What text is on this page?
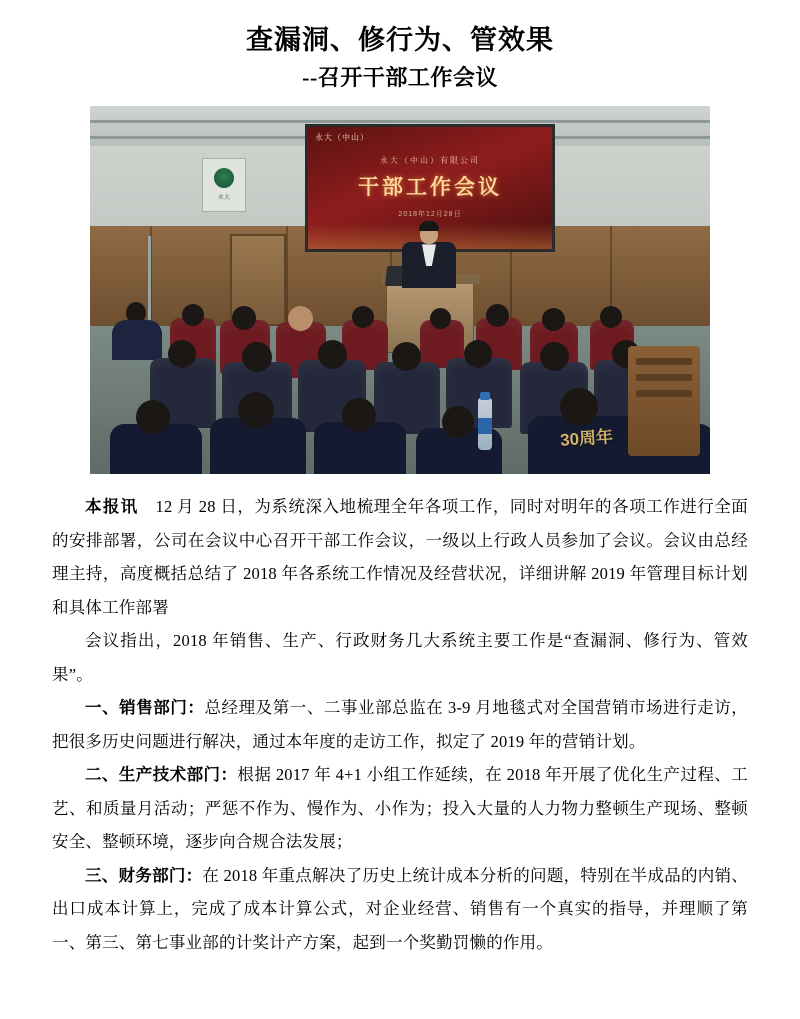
查漏洞、修行为、管效果
--召开干部工作会议
永大
永大（中山）
永大（中山）有限公司
干部工作会议
2018年12月28日
30周年

本报讯　12 月 28 日，为系统深入地梳理全年各项工作，同时对明年的各项工作进行全面的安排部署，公司在会议中心召开干部工作会议，一级以上行政人员参加了会议。会议由总经理主持，高度概括总结了 2018 年各系统工作情况及经营状况，详细讲解 2019 年管理目标计划和具体工作部署

会议指出，2018 年销售、生产、行政财务几大系统主要工作是“查漏洞、修行为、管效果”。

一、销售部门：总经理及第一、二事业部总监在 3-9 月地毯式对全国营销市场进行走访，把很多历史问题进行解决，通过本年度的走访工作，拟定了 2019 年的营销计划。

二、生产技术部门：根据 2017 年 4+1 小组工作延续，在 2018 年开展了优化生产过程、工艺、和质量月活动；严惩不作为、慢作为、小作为；投入大量的人力物力整顿生产现场、整顿安全、整顿环境，逐步向合规合法发展；

三、财务部门：在 2018 年重点解决了历史上统计成本分析的问题，特别在半成品的内销、出口成本计算上，完成了成本计算公式，对企业经营、销售有一个真实的指导，并理顺了第一、第三、第七事业部的计奖计产方案，起到一个奖勤罚懒的作用。
